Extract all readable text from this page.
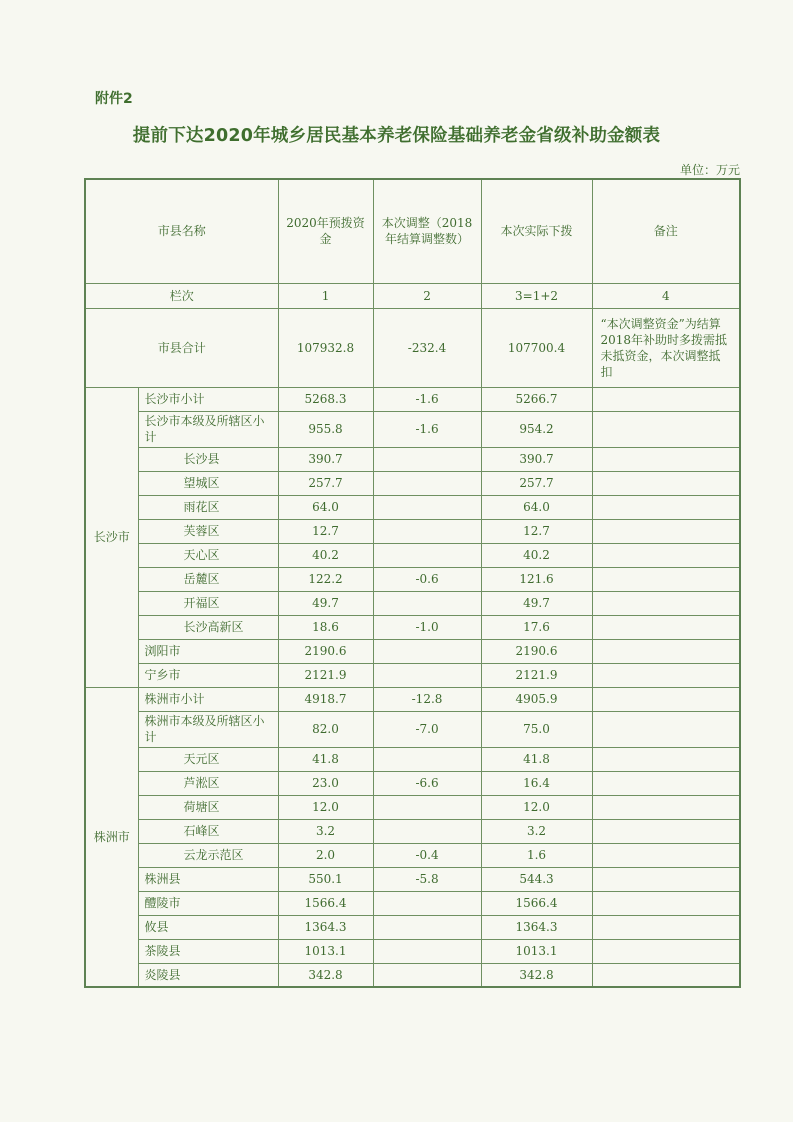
附件2
提前下达2020年城乡居民基本养老保险基础养老金省级补助金额表
单位：万元
市县名称		2020年预拨资金	本次调整（2018年结算调整数）	本次实际下拨	备注
栏次		1	2	3=1+2	4
市县合计		107932.8	-232.4	107700.4	“本次调整资金”为结算2018年补助时多拨需抵未抵资金，本次调整抵扣
长沙市	长沙市小计	5268.3	-1.6	5266.7	
	长沙市本级及所辖区小计	955.8	-1.6	954.2	
	长沙县	390.7		390.7	
	望城区	257.7		257.7	
	雨花区	64.0		64.0	
	芙蓉区	12.7		12.7	
	天心区	40.2		40.2	
	岳麓区	122.2	-0.6	121.6	
	开福区	49.7		49.7	
	长沙高新区	18.6	-1.0	17.6	
	浏阳市	2190.6		2190.6	
	宁乡市	2121.9		2121.9	
株洲市	株洲市小计	4918.7	-12.8	4905.9	
	株洲市本级及所辖区小计	82.0	-7.0	75.0	
	天元区	41.8		41.8	
	芦淞区	23.0	-6.6	16.4	
	荷塘区	12.0		12.0	
	石峰区	3.2		3.2	
	云龙示范区	2.0	-0.4	1.6	
	株洲县	550.1	-5.8	544.3	
	醴陵市	1566.4		1566.4	
	攸县	1364.3		1364.3	
	茶陵县	1013.1		1013.1	
	炎陵县	342.8		342.8	
